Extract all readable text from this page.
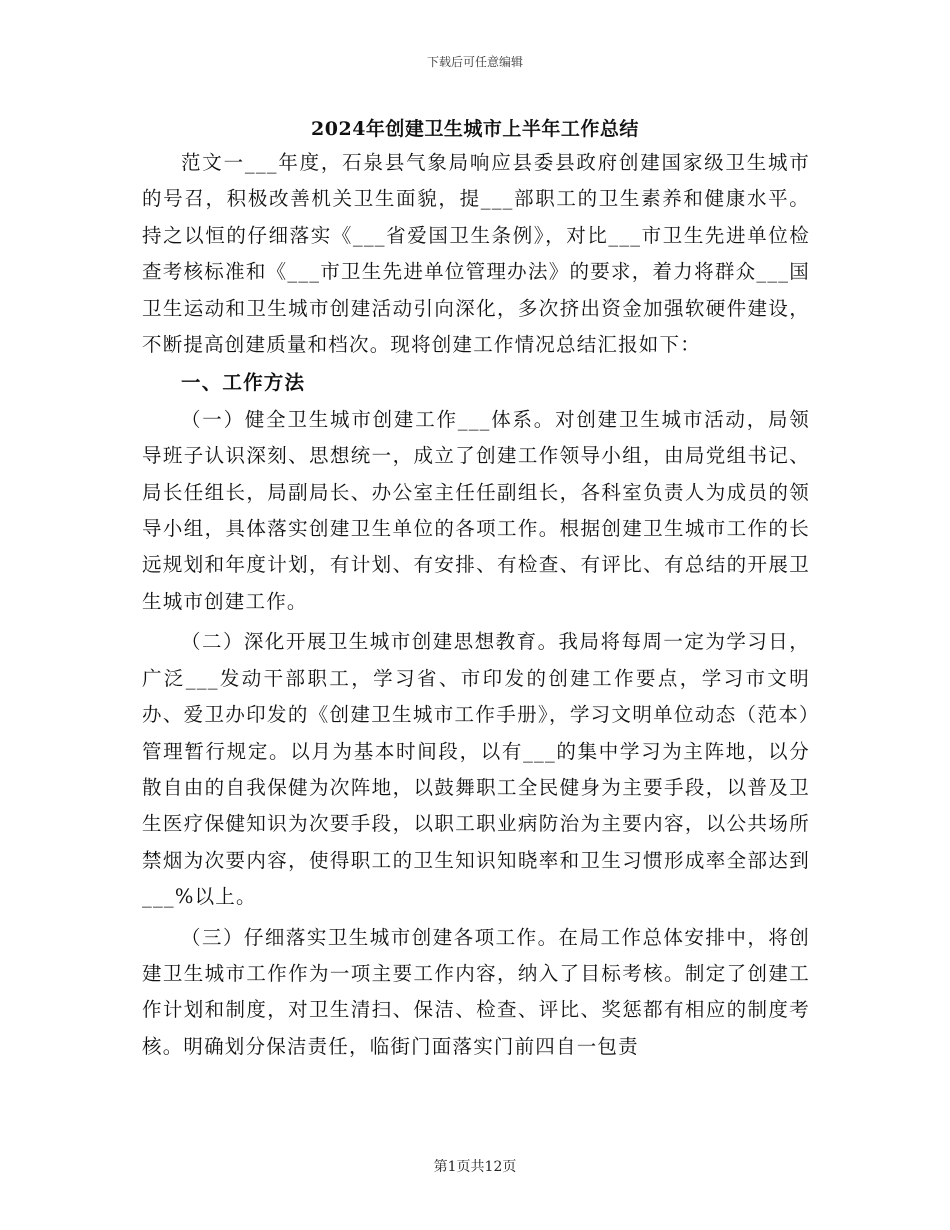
下载后可任意编辑
2024年创建卫生城市上半年工作总结

范文一___年度，石泉县气象局响应县委县政府创建国家级卫生城市的号召，积极改善机关卫生面貌，提___部职工的卫生素养和健康水平。持之以恒的仔细落实《___省爱国卫生条例》，对比___市卫生先进单位检查考核标准和《___市卫生先进单位管理办法》的要求，着力将群众___国卫生运动和卫生城市创建活动引向深化，多次挤出资金加强软硬件建设，不断提高创建质量和档次。现将创建工作情况总结汇报如下：

一、工作方法

（一）健全卫生城市创建工作___体系。对创建卫生城市活动，局领导班子认识深刻、思想统一，成立了创建工作领导小组，由局党组书记、局长任组长，局副局长、办公室主任任副组长，各科室负责人为成员的领导小组，具体落实创建卫生单位的各项工作。根据创建卫生城市工作的长远规划和年度计划，有计划、有安排、有检查、有评比、有总结的开展卫生城市创建工作。

（二）深化开展卫生城市创建思想教育。我局将每周一定为学习日，广泛___发动干部职工，学习省、市印发的创建工作要点，学习市文明办、爱卫办印发的《创建卫生城市工作手册》，学习文明单位动态（范本）管理暂行规定。以月为基本时间段，以有___的集中学习为主阵地，以分散自由的自我保健为次阵地，以鼓舞职工全民健身为主要手段，以普及卫生医疗保健知识为次要手段，以职工职业病防治为主要内容，以公共场所禁烟为次要内容，使得职工的卫生知识知晓率和卫生习惯形成率全部达到___%以上。

（三）仔细落实卫生城市创建各项工作。在局工作总体安排中，将创建卫生城市工作作为一项主要工作内容，纳入了目标考核。制定了创建工作计划和制度，对卫生清扫、保洁、检查、评比、奖惩都有相应的制度考核。明确划分保洁责任，临街门面落实门前四自一包责

第1页共12页
